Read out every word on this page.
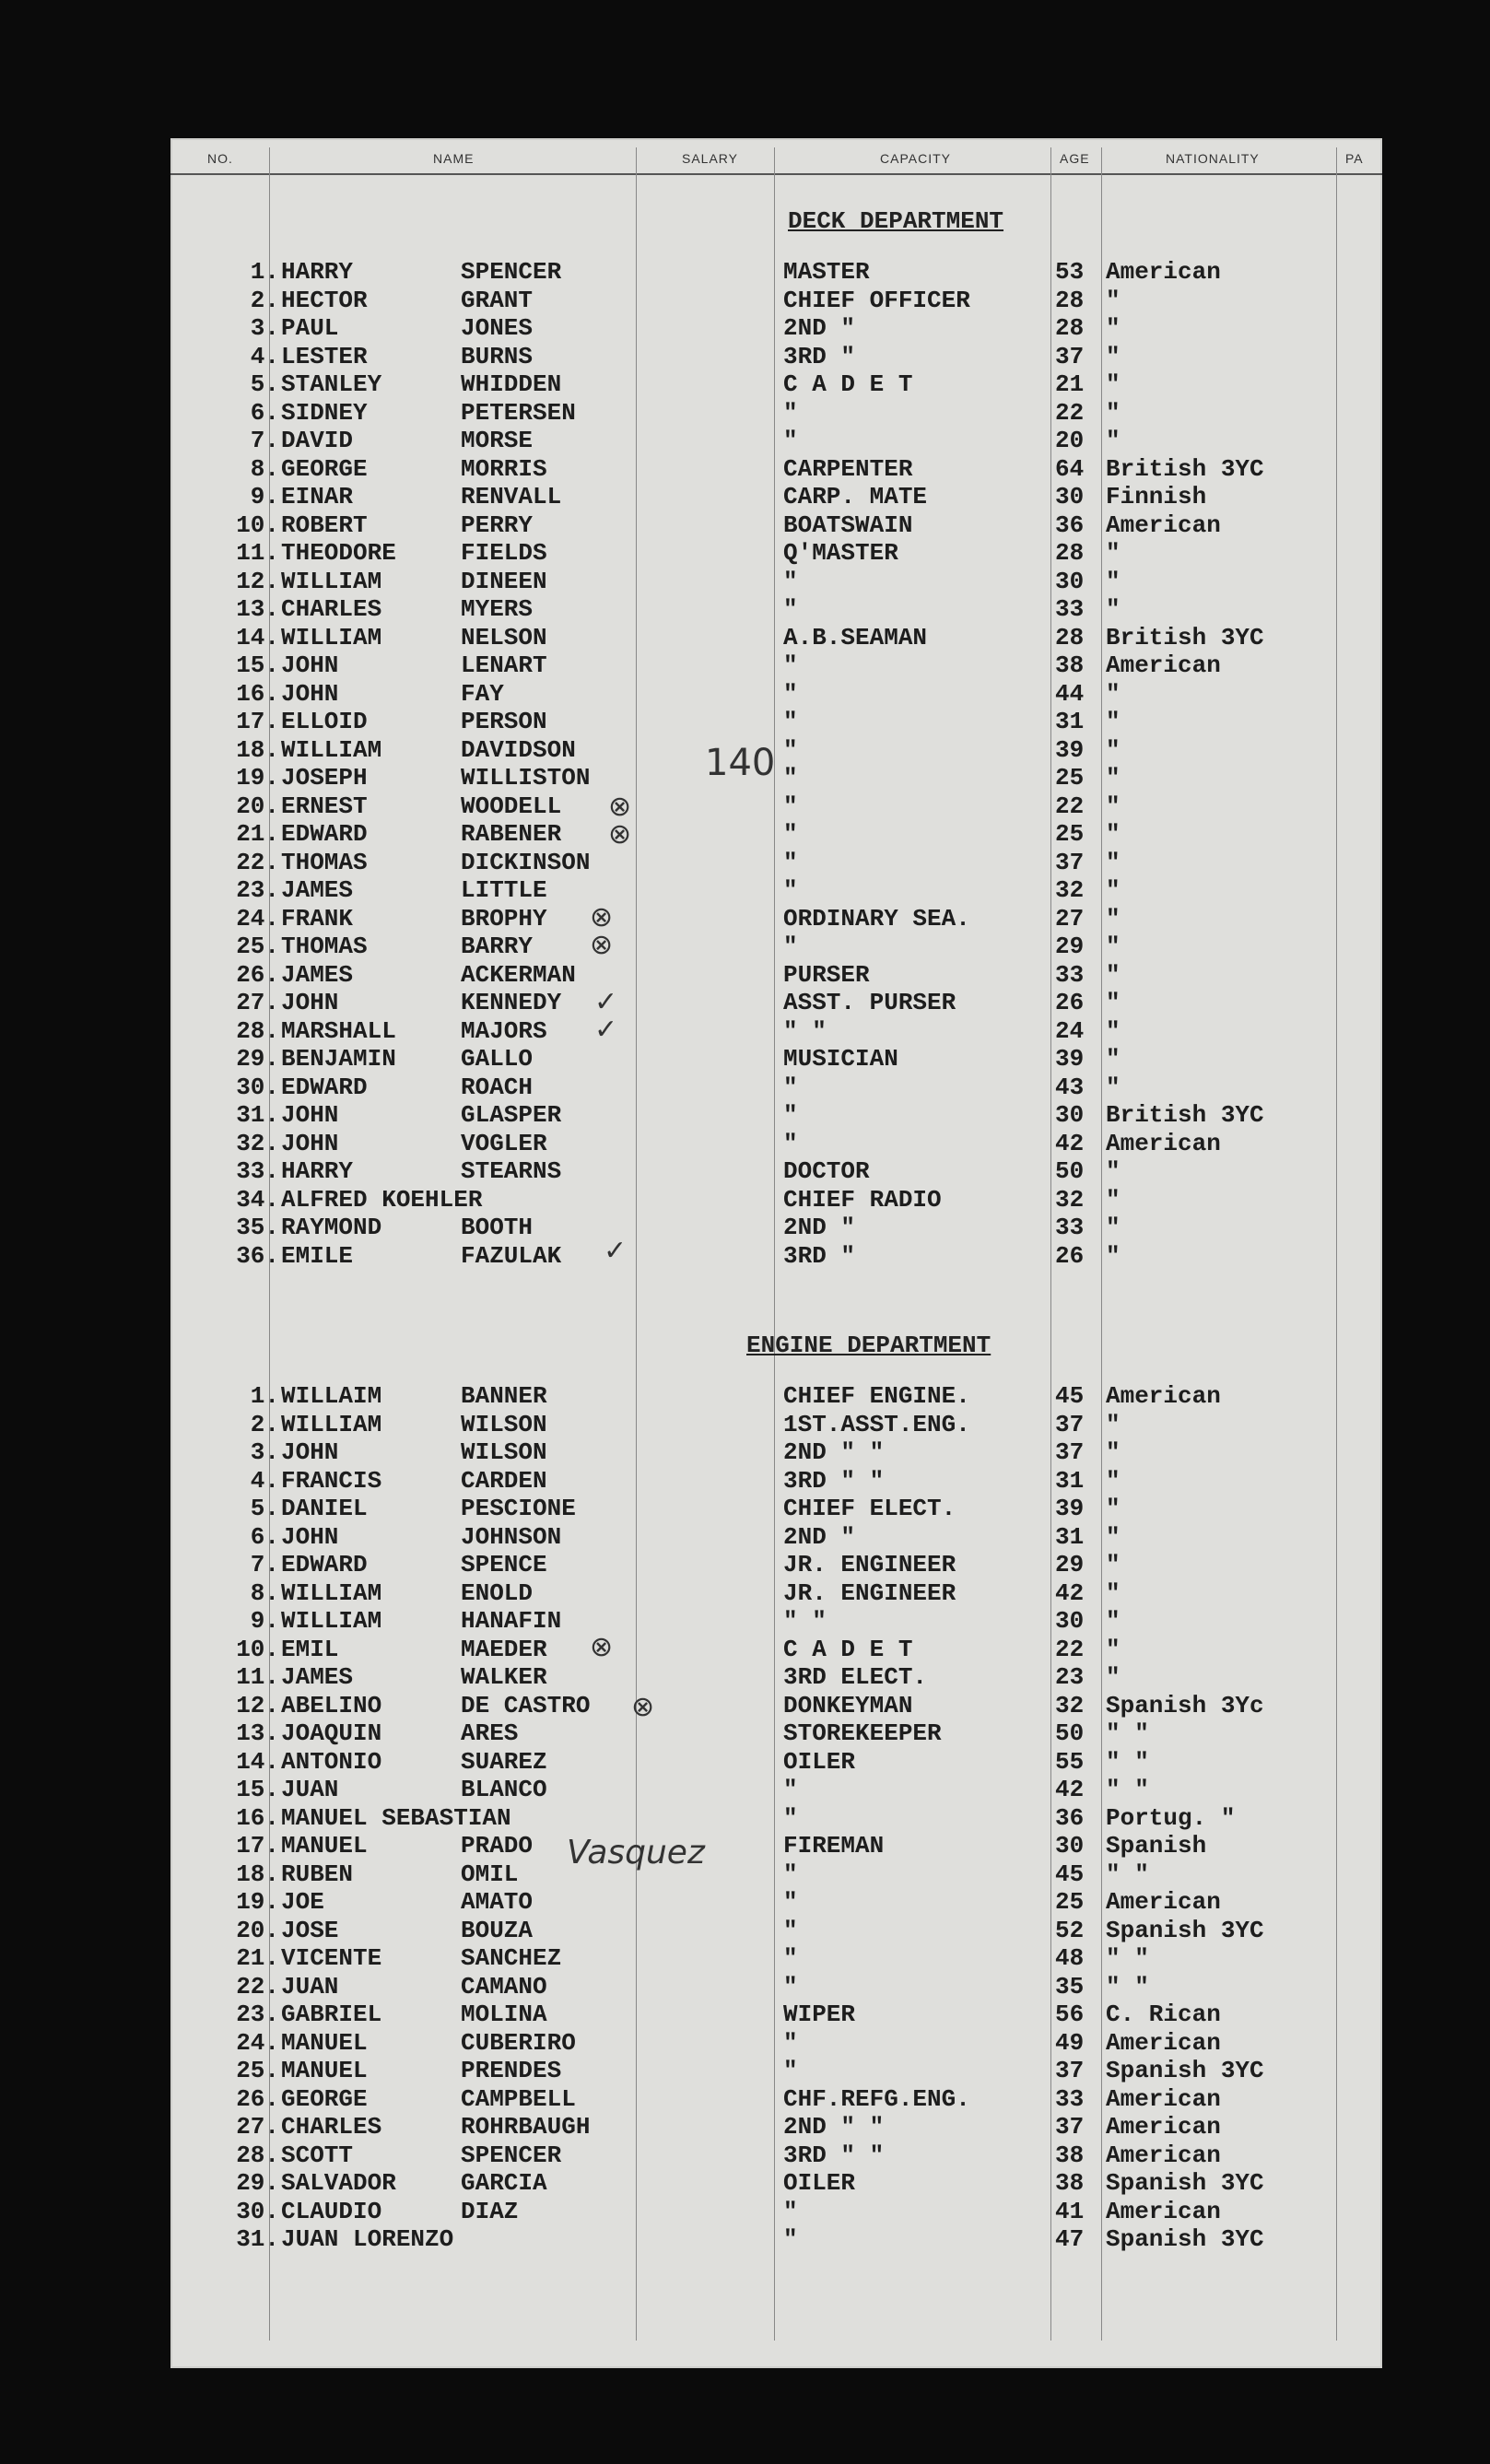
NO.	NAME	SALARY	CAPACITY	AGE	NATIONALITY	PA
DECK DEPARTMENT
1. HARRY	SPENCER	MASTER	53 American
2. HECTOR	GRANT	CHIEF OFFICER	28 "
3. PAUL	JONES	2ND "	28 "
4. LESTER	BURNS	3RD "	37 "
5. STANLEY	WHIDDEN	C A D E T	21 "
6. SIDNEY	PETERSEN	"	22 "
7. DAVID	MORSE	"	20 "
8. GEORGE	MORRIS	CARPENTER	64 British 3YC
9. EINAR	RENVALL	CARP. MATE	30 Finnish
10. ROBERT	PERRY	BOATSWAIN	36 American
11. THEODORE	FIELDS	Q'MASTER	28 "
12. WILLIAM	DINEEN	"	30 "
13. CHARLES	MYERS	"	33 "
14. WILLIAM	NELSON	A.B.SEAMAN	28 British 3YC
15. JOHN	LENART	"	38 American
16. JOHN	FAY	"	44 "
17. ELLOID	PERSON	"	31 "
18. WILLIAM	DAVIDSON	"	39 "
19. JOSEPH	WILLISTON	"	25 "
20. ERNEST	WOODELL	"	22 "
21. EDWARD	RABENER	"	25 "
22. THOMAS	DICKINSON	"	37 "
23. JAMES	LITTLE	"	32 "
24. FRANK	BROPHY	ORDINARY SEA.	27 "
25. THOMAS	BARRY	"	29 "
26. JAMES	ACKERMAN	PURSER	33 "
27. JOHN	KENNEDY	ASST. PURSER	26 "
28. MARSHALL	MAJORS	" "	24 "
29. BENJAMIN	GALLO	MUSICIAN	39 "
30. EDWARD	ROACH	"	43 "
31. JOHN	GLASPER	"	30 British 3YC
32. JOHN	VOGLER	"	42 American
33. HARRY	STEARNS	DOCTOR	50 "
34. ALFRED KOEHLER	CHIEF RADIO	32 "
35. RAYMOND	BOOTH	2ND "	33 "
36. EMILE	FAZULAK	3RD "	26 "
ENGINE DEPARTMENT
1. WILLAIM	BANNER	CHIEF ENGINE.	45 American
2. WILLIAM	WILSON	1ST.ASST.ENG.	37 "
3. JOHN	WILSON	2ND " "	37 "
4. FRANCIS	CARDEN	3RD " "	31 "
5. DANIEL	PESCIONE	CHIEF ELECT.	39 "
6. JOHN	JOHNSON	2ND "	31 "
7. EDWARD	SPENCE	JR. ENGINEER	29 "
8. WILLIAM	ENOLD	JR. ENGINEER	42 "
9. WILLIAM	HANAFIN	" "	30 "
10. EMIL	MAEDER	C A D E T	22 "
11. JAMES	WALKER	3RD ELECT.	23 "
12. ABELINO	DE CASTRO	DONKEYMAN	32 Spanish 3Yc
13. JOAQUIN	ARES	STOREKEEPER	50 " "
14. ANTONIO	SUAREZ	OILER	55 " "
15. JUAN	BLANCO	"	42 " "
16. MANUEL SEBASTIAN	"	36 Portug. "
17. MANUEL	PRADO	FIREMAN	30 Spanish
18. RUBEN	OMIL	"	45 " "
19. JOE	AMATO	"	25 American
20. JOSE	BOUZA	"	52 Spanish 3YC
21. VICENTE	SANCHEZ	"	48 " "
22. JUAN	CAMANO	"	35 " "
23. GABRIEL	MOLINA	WIPER	56 C. Rican
24. MANUEL	CUBERIRO	"	49 American
25. MANUEL	PRENDES	"	37 Spanish 3YC
26. GEORGE	CAMPBELL	CHF.REFG.ENG.	33 American
27. CHARLES	ROHRBAUGH	2ND " "	37 American
28. SCOTT	SPENCER	3RD " "	38 American
29. SALVADOR	GARCIA	OILER	38 Spanish 3YC
30. CLAUDIO	DIAZ	"	41 American
31. JUAN LORENZO	"	47 Spanish 3YC
140
Vasquez
⊗
⊗
⊗
⊗
⊗
⊗
✓
✓
✓
